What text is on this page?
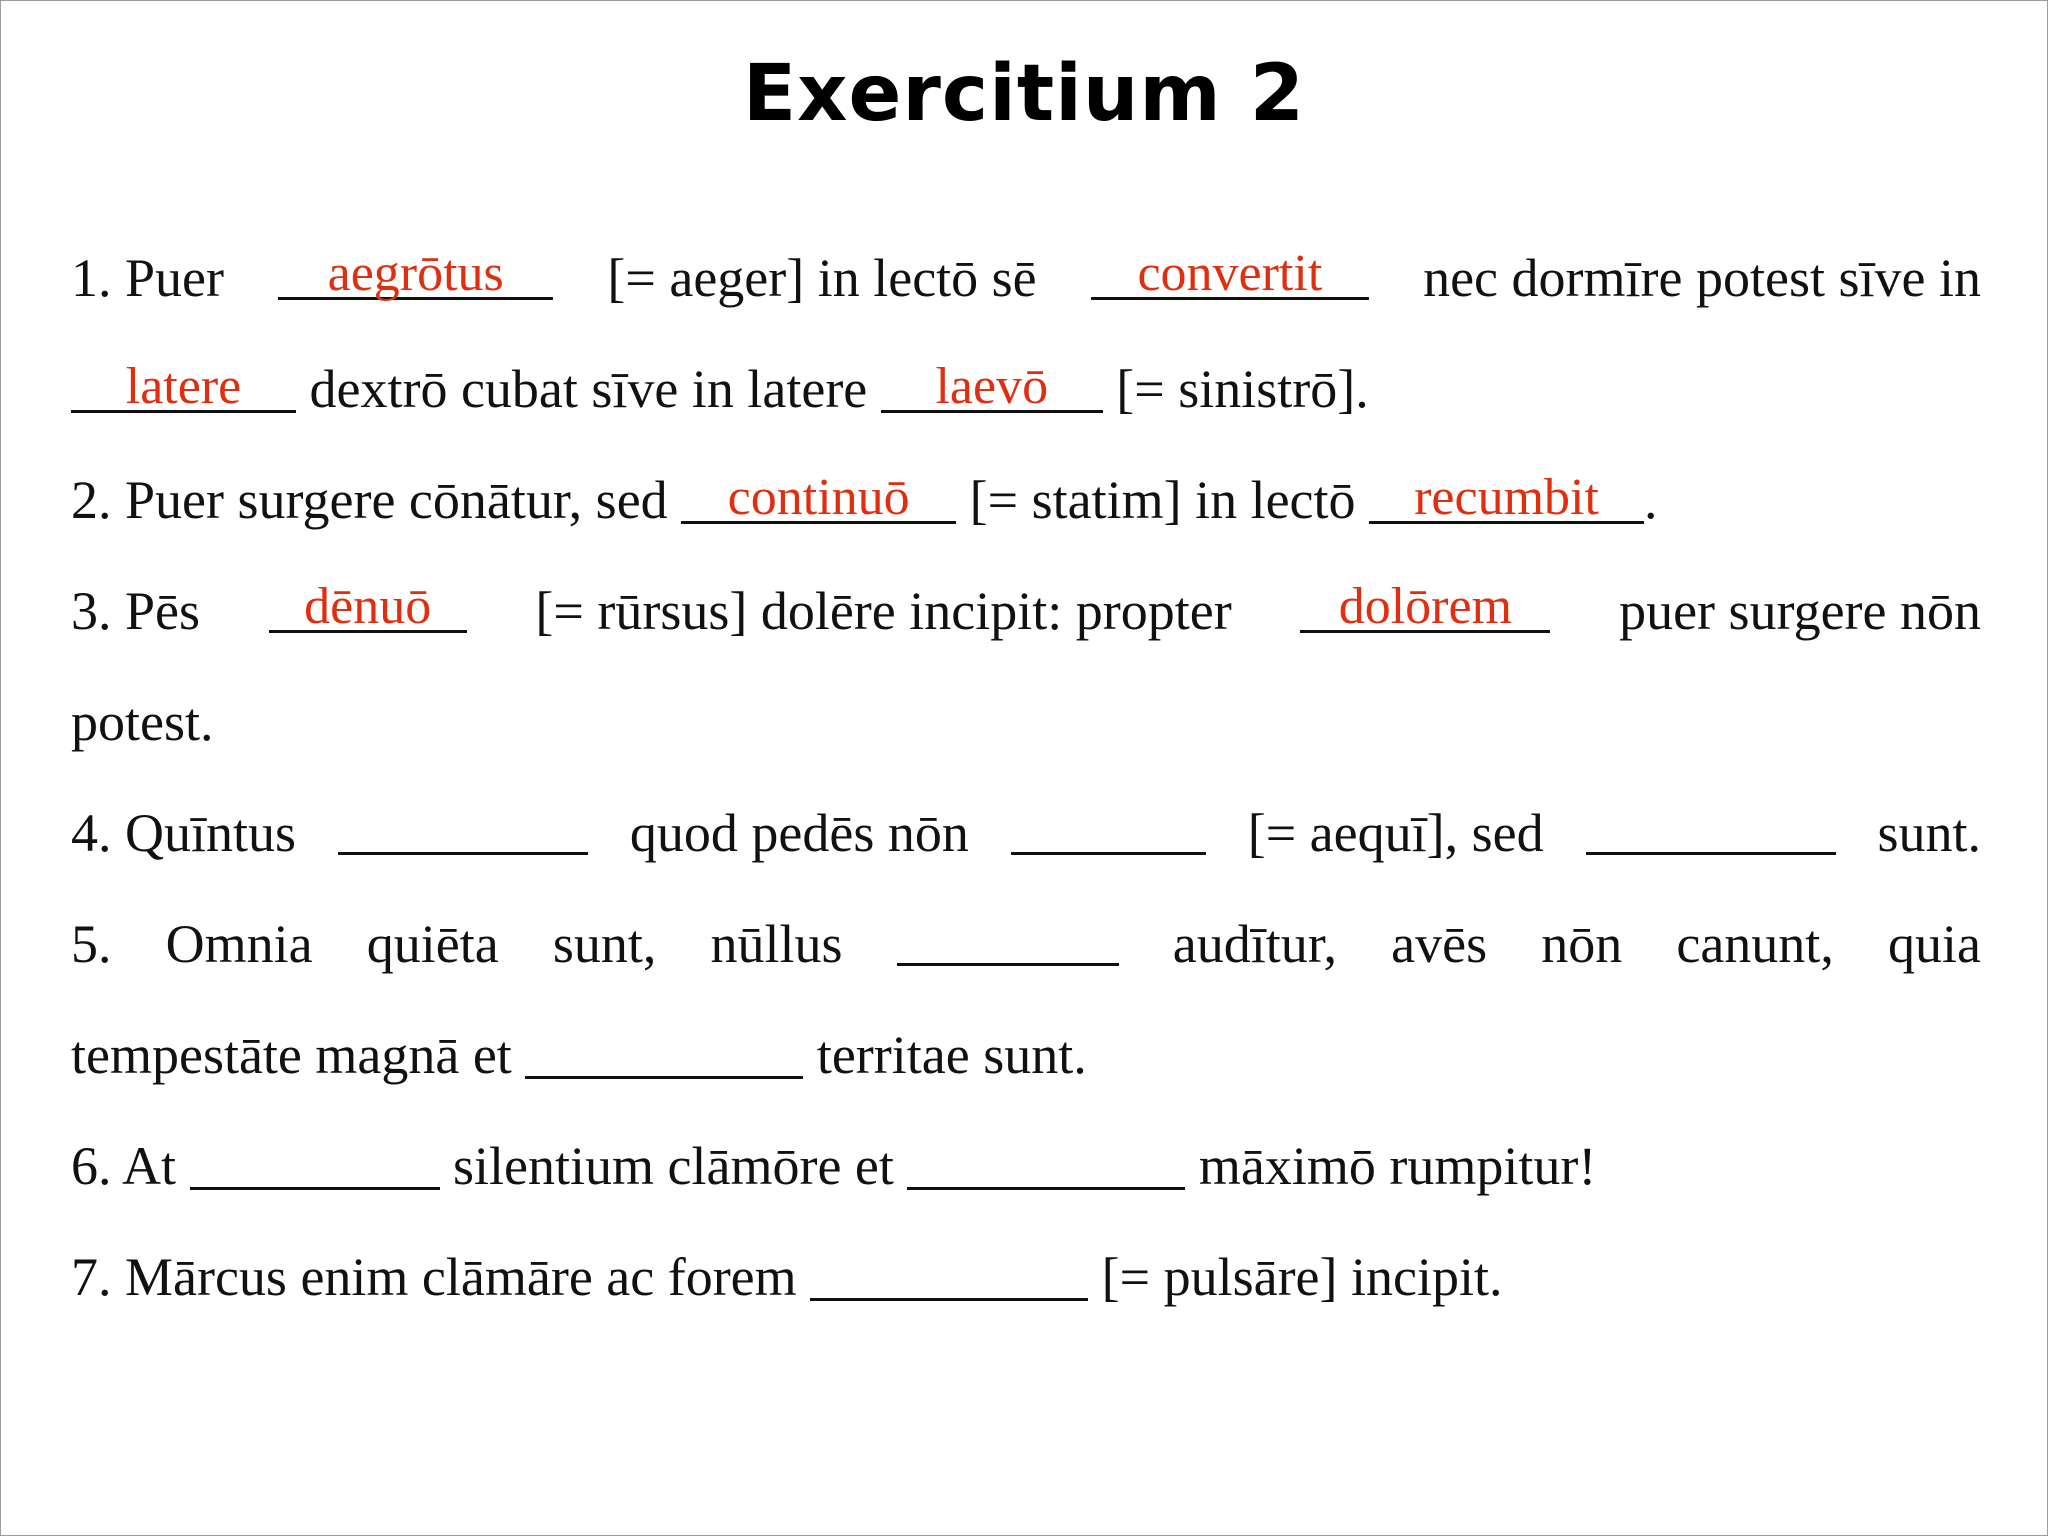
Exercitium 2
1. Puer	aegrōtus	[= aeger] in lectō sē	convertit	nec dormīre potest sīve in
latere	dextrō cubat sīve in latere	laevō	[= sinistrō].
2. Puer surgere cōnātur, sed	continuō	[= statim] in lectō	recumbit .
3. Pēs	dēnuō	[= rūrsus] dolēre incipit: propter	dolōrem	puer surgere nōn
potest.
4. Quīntus	quod pedēs nōn	[= aequī], sed	sunt.
5. Omnia quiēta sunt, nūllus	audītur, avēs nōn canunt, quia
tempestāte magnā et	territae sunt.
6. At	silentium clāmōre et	māximō rumpitur!
7. Mārcus enim clāmāre ac forem	[= pulsāre] incipit.
